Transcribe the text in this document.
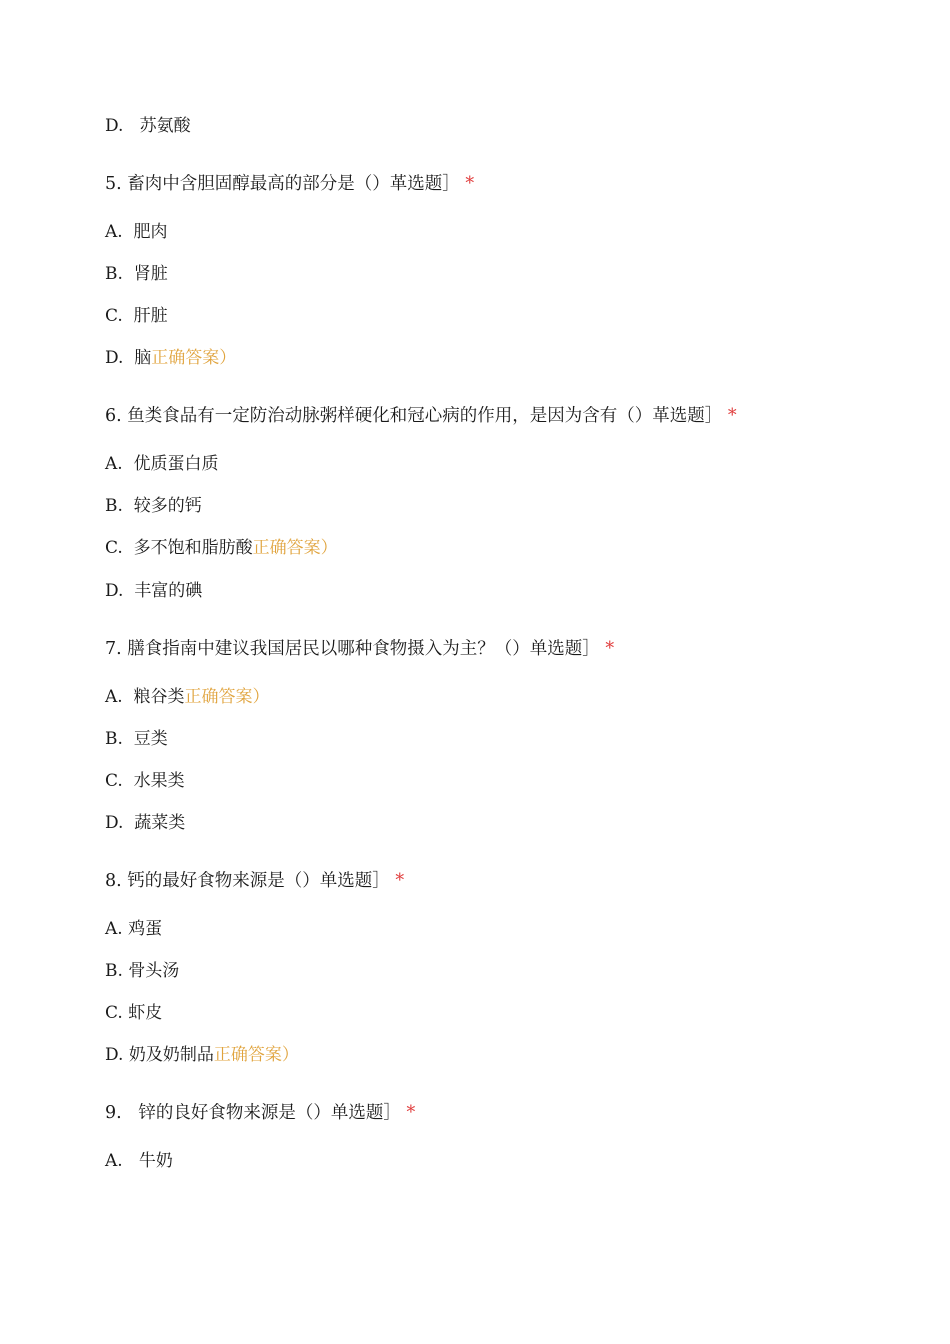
D.   苏氨酸
5. 畜肉中含胆固醇最高的部分是（）革选题］ *
A.  肥肉
B.  肾脏
C.  肝脏
D.  脑正确答案）
6. 鱼类食品有一定防治动脉粥样硬化和冠心病的作用，是因为含有（）革选题］ *
A.  优质蛋白质
B.  较多的钙
C.  多不饱和脂肪酸正确答案）
D.  丰富的碘
7. 膳食指南中建议我国居民以哪种食物摄入为主？（）单选题］ *
A.  粮谷类正确答案）
B.  豆类
C.  水果类
D.  蔬菜类
8. 钙的最好食物来源是（）单选题］ *
A. 鸡蛋
B. 骨头汤
C. 虾皮
D. 奶及奶制品正确答案）
9.   锌的良好食物来源是（）单选题］ *
A.   牛奶
